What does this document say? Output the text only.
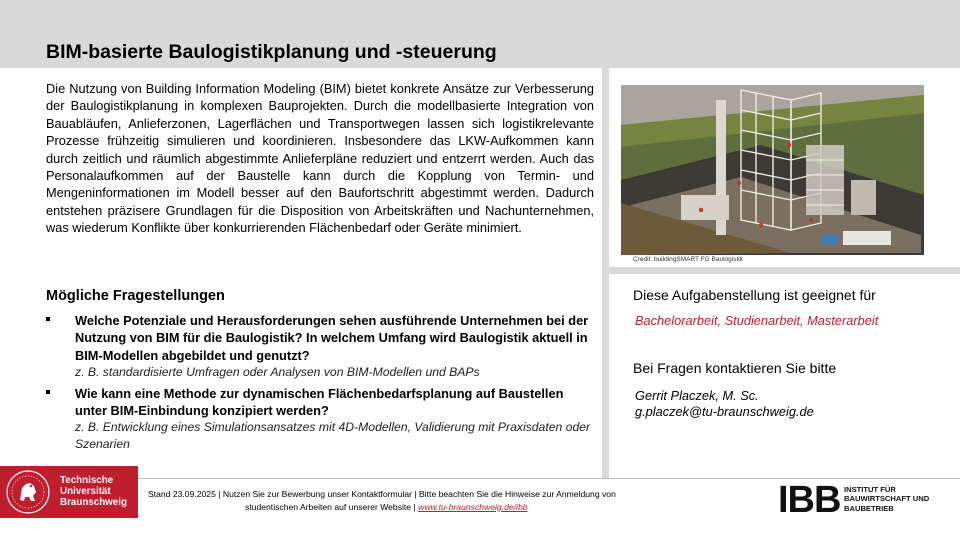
BIM-basierte Baulogistikplanung und -steuerung

Die Nutzung von Building Information Modeling (BIM) bietet konkrete Ansätze zur Verbesserung der Baulogistikplanung in komplexen Bauprojekten. Durch die modellbasierte Integration von Bauabläufen, Anlieferzonen, Lagerflächen und Transportwegen lassen sich logistikrelevante Prozesse frühzeitig simulieren und koordinieren. Insbesondere das LKW-Aufkommen kann durch zeitlich und räumlich abgestimmte Anlieferpläne reduziert und entzerrt werden. Auch das Personalaufkommen auf der Baustelle kann durch die Kopplung von Termin- und Mengeninformationen im Modell besser auf den Baufortschritt abgestimmt werden. Dadurch entstehen präzisere Grundlagen für die Disposition von Arbeitskräften und Nachunternehmen, was wiederum Konflikte über konkurrierenden Flächenbedarf oder Geräte minimiert.

Mögliche Fragestellungen
Welche Potenziale und Herausforderungen sehen ausführende Unternehmen bei der Nutzung von BIM für die Baulogistik? In welchem Umfang wird Baulogistik aktuell in BIM-Modellen abgebildet und genutzt?
z. B. standardisierte Umfragen oder Analysen von BIM-Modellen und BAPs
Wie kann eine Methode zur dynamischen Flächenbedarfsplanung auf Baustellen unter BIM-Einbindung konzipiert werden?
z. B. Entwicklung eines Simulationsansatzes mit 4D-Modellen, Validierung mit Praxisdaten oder Szenarien
Credit: buildingSMART FG Baulogistik
Diese Aufgabenstellung ist geeignet für
Bachelorarbeit, Studienarbeit, Masterarbeit
Bei Fragen kontaktieren Sie bitte
Gerrit Placzek, M. Sc.
g.placzek@tu-braunschweig.de
Technische
Universität
Braunschweig
Stand 23.09.2025 | Nutzen Sie zur Bewerbung unser Kontaktformular | Bitte beachten Sie die Hinweise zur Anmeldung von
studentischen Arbeiten auf unserer Website | www.tu-braunschweig.de/ibb	IBB INSTITUT FÜR
BAUWIRTSCHAFT UND
BAUBETRIEB
